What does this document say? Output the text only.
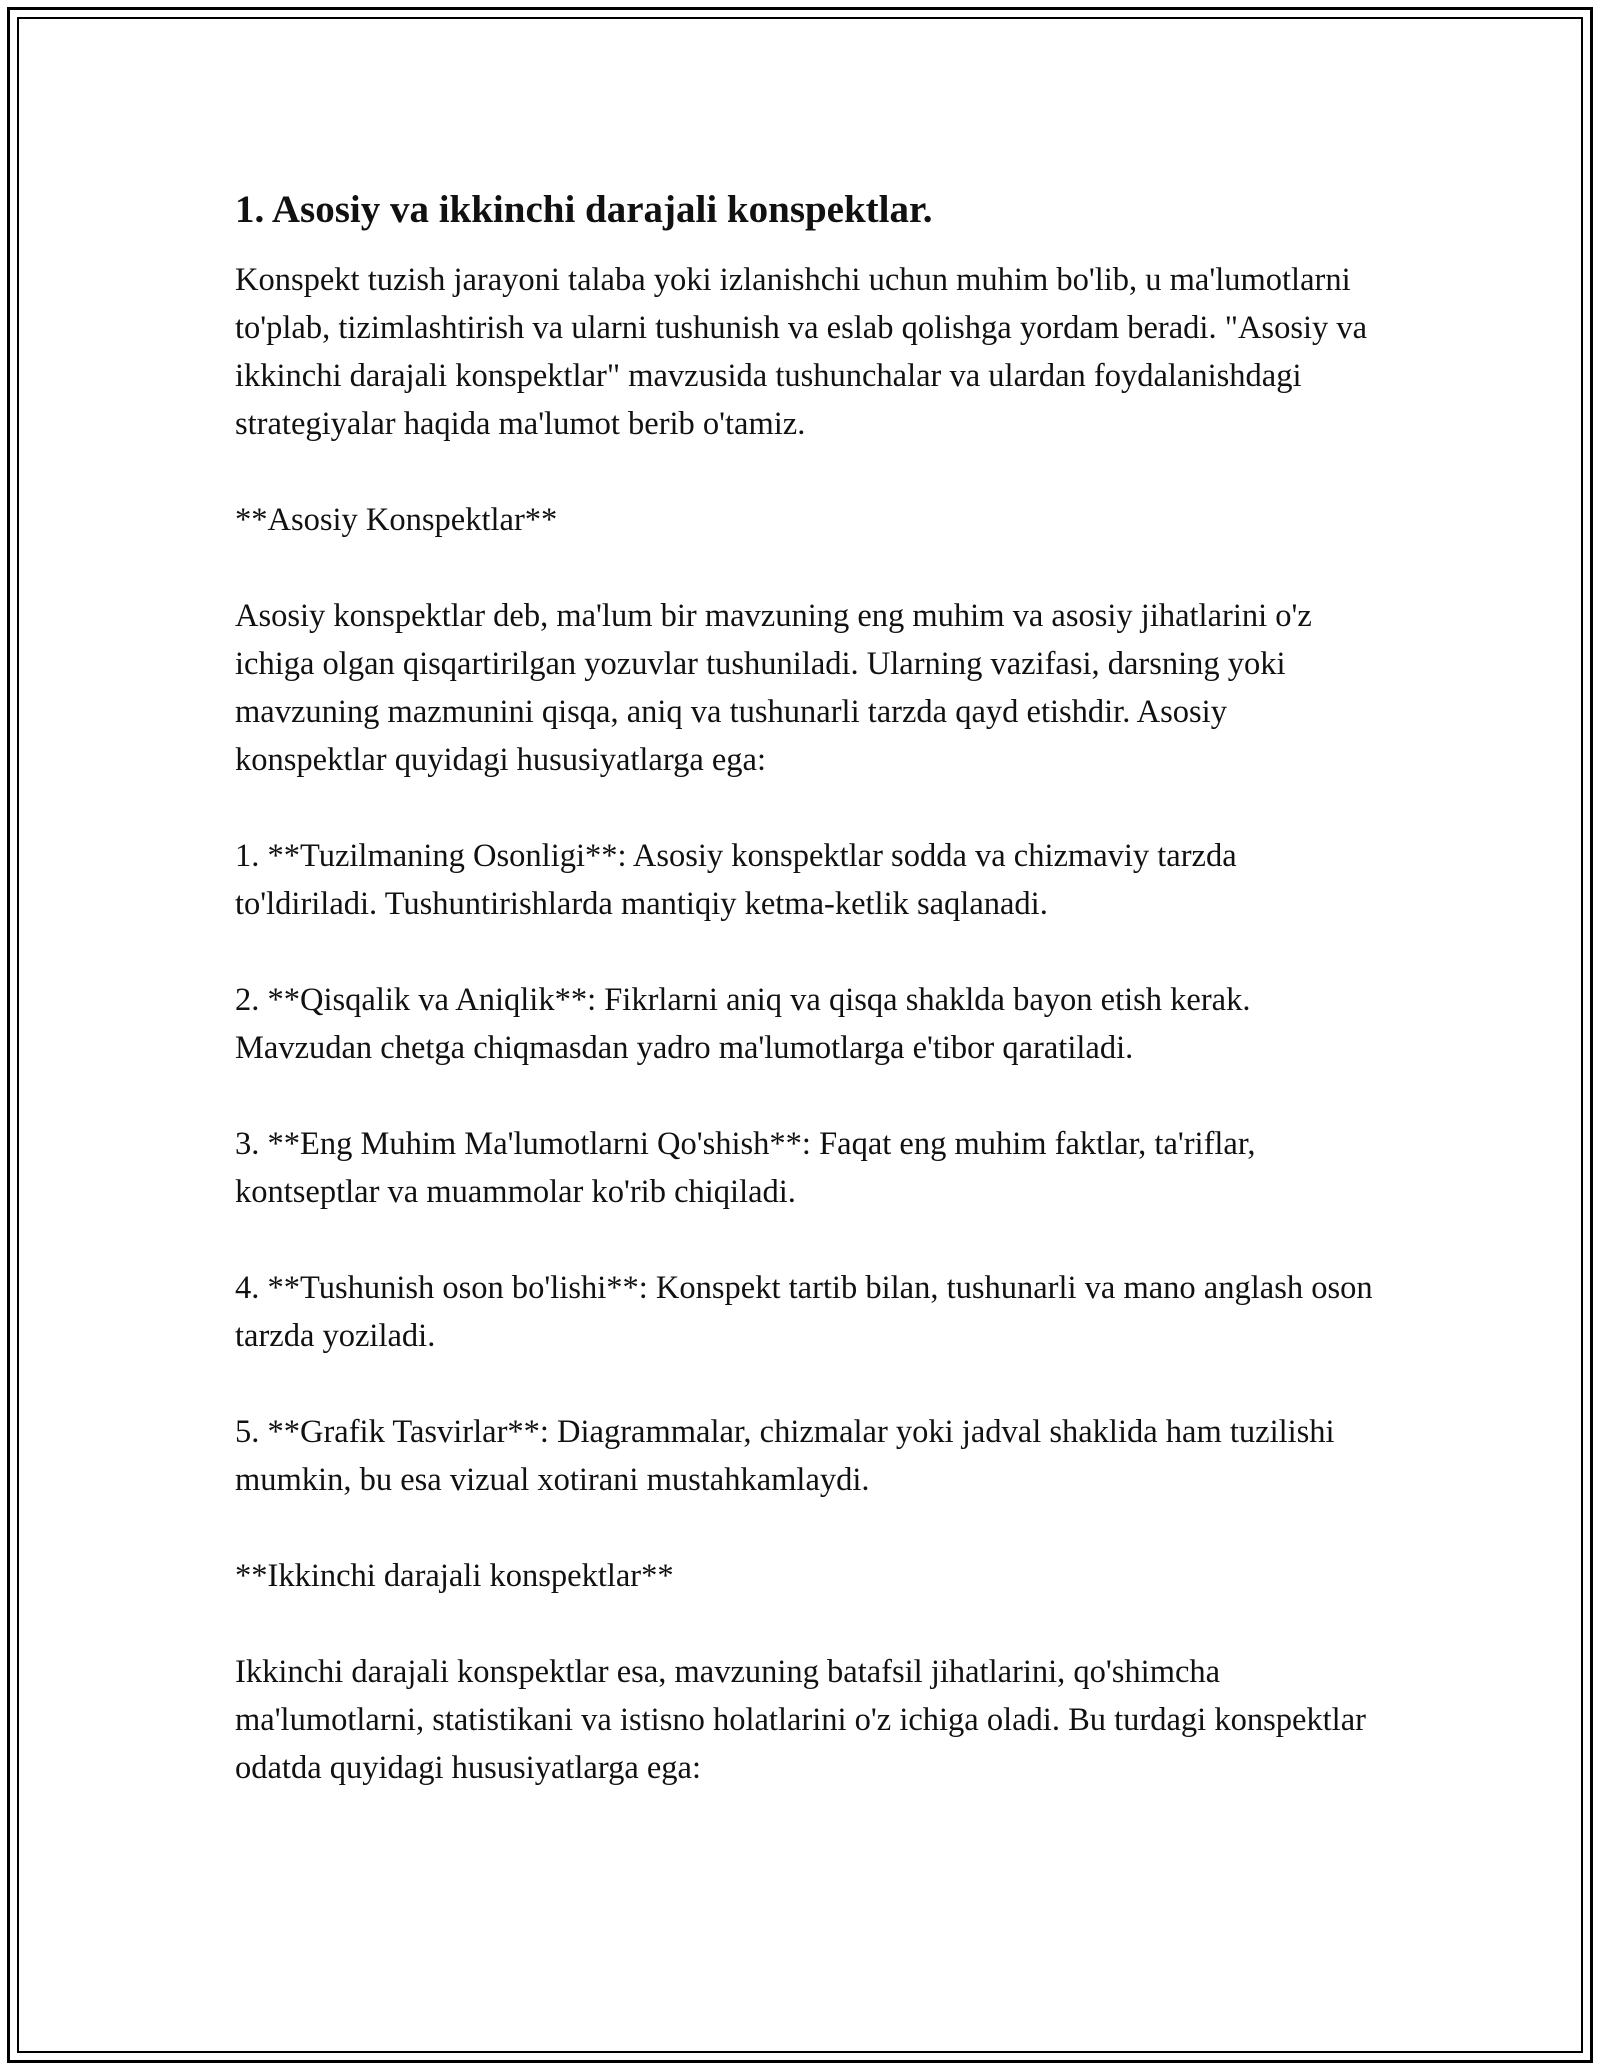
1. Asosiy va ikkinchi darajali konspektlar.

Konspekt tuzish jarayoni talaba yoki izlanishchi uchun muhim bo'lib, u ma'lumotlarni to'plab, tizimlashtirish va ularni tushunish va eslab qolishga yordam beradi. "Asosiy va ikkinchi darajali konspektlar" mavzusida tushunchalar va ulardan foydalanishdagi strategiyalar haqida ma'lumot berib o'tamiz.

**Asosiy Konspektlar**

Asosiy konspektlar deb, ma'lum bir mavzuning eng muhim va asosiy jihatlarini o'z ichiga olgan qisqartirilgan yozuvlar tushuniladi. Ularning vazifasi, darsning yoki mavzuning mazmunini qisqa, aniq va tushunarli tarzda qayd etishdir. Asosiy konspektlar quyidagi hususiyatlarga ega:

1. **Tuzilmaning Osonligi**: Asosiy konspektlar sodda va chizmaviy tarzda to'ldiriladi. Tushuntirishlarda mantiqiy ketma-ketlik saqlanadi.

2. **Qisqalik va Aniqlik**: Fikrlarni aniq va qisqa shaklda bayon etish kerak. Mavzudan chetga chiqmasdan yadro ma'lumotlarga e'tibor qaratiladi.

3. **Eng Muhim Ma'lumotlarni Qo'shish**: Faqat eng muhim faktlar, ta'riflar, kontseptlar va muammolar ko'rib chiqiladi.

4. **Tushunish oson bo'lishi**: Konspekt tartib bilan, tushunarli va mano anglash oson tarzda yoziladi.

5. **Grafik Tasvirlar**: Diagrammalar, chizmalar yoki jadval shaklida ham tuzilishi mumkin, bu esa vizual xotirani mustahkamlaydi.

**Ikkinchi darajali konspektlar**

Ikkinchi darajali konspektlar esa, mavzuning batafsil jihatlarini, qo'shimcha ma'lumotlarni, statistikani va istisno holatlarini o'z ichiga oladi. Bu turdagi konspektlar odatda quyidagi hususiyatlarga ega:
